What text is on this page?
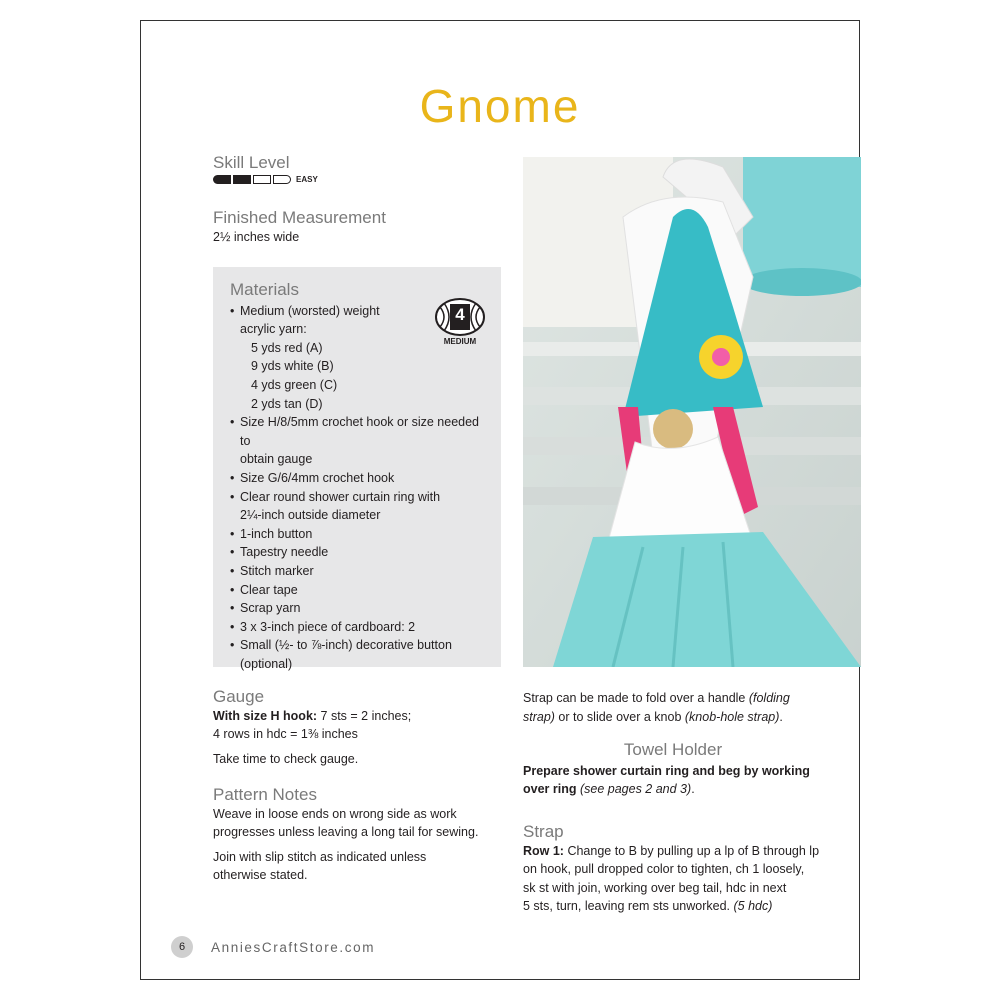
Gnome
Skill Level
EASY
Finished Measurement
2½ inches wide
Materials
• Medium (worsted) weight
acrylic yarn:
5 yds red (A)
9 yds white (B)
4 yds green (C)
2 yds tan (D)
• Size H/8/5mm crochet hook or size needed to
obtain gauge
• Size G/6/4mm crochet hook
• Clear round shower curtain ring with
2¼-inch outside diameter
• 1-inch button
• Tapestry needle
• Stitch marker
• Clear tape
• Scrap yarn
• 3 x 3-inch piece of cardboard: 2
• Small (½- to ⅞-inch) decorative button
(optional)
4
MEDIUM
Gauge
With size H hook: 7 sts = 2 inches;
4 rows in hdc = 1⅜ inches
Take time to check gauge.
Pattern Notes
Weave in loose ends on wrong side as work
progresses unless leaving a long tail for sewing.
Join with slip stitch as indicated unless
otherwise stated.
Strap can be made to fold over a handle (folding
strap) or to slide over a knob (knob-hole strap).
Towel Holder
Prepare shower curtain ring and beg by working
over ring (see pages 2 and 3).
Strap
Row 1: Change to B by pulling up a lp of B through lp
on hook, pull dropped color to tighten, ch 1 loosely,
sk st with join, working over beg tail, hdc in next
5 sts, turn, leaving rem sts unworked. (5 hdc)
6	AnniesCraftStore.com
